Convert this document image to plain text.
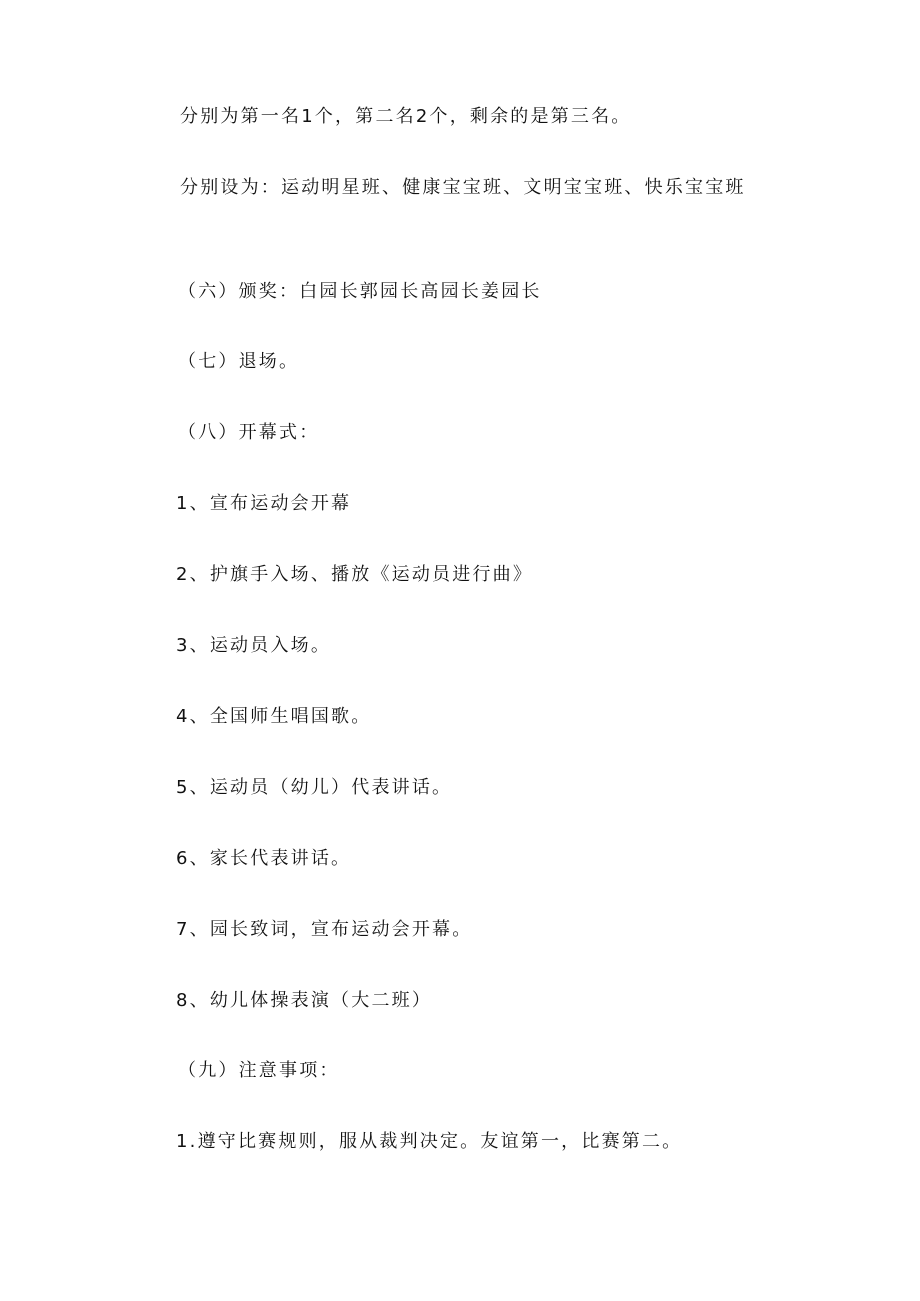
分别为第一名1个，第二名2个，剩余的是第三名。
分别设为：运动明星班、健康宝宝班、文明宝宝班、快乐宝宝班
（六）颁奖：白园长郭园长高园长姜园长
（七）退场。
（八）开幕式：
1、宣布运动会开幕
2、护旗手入场、播放《运动员进行曲》
3、运动员入场。
4、全国师生唱国歌。
5、运动员（幼儿）代表讲话。
6、家长代表讲话。
7、园长致词，宣布运动会开幕。
8、幼儿体操表演（大二班）
（九）注意事项：
1.遵守比赛规则，服从裁判决定。友谊第一，比赛第二。
